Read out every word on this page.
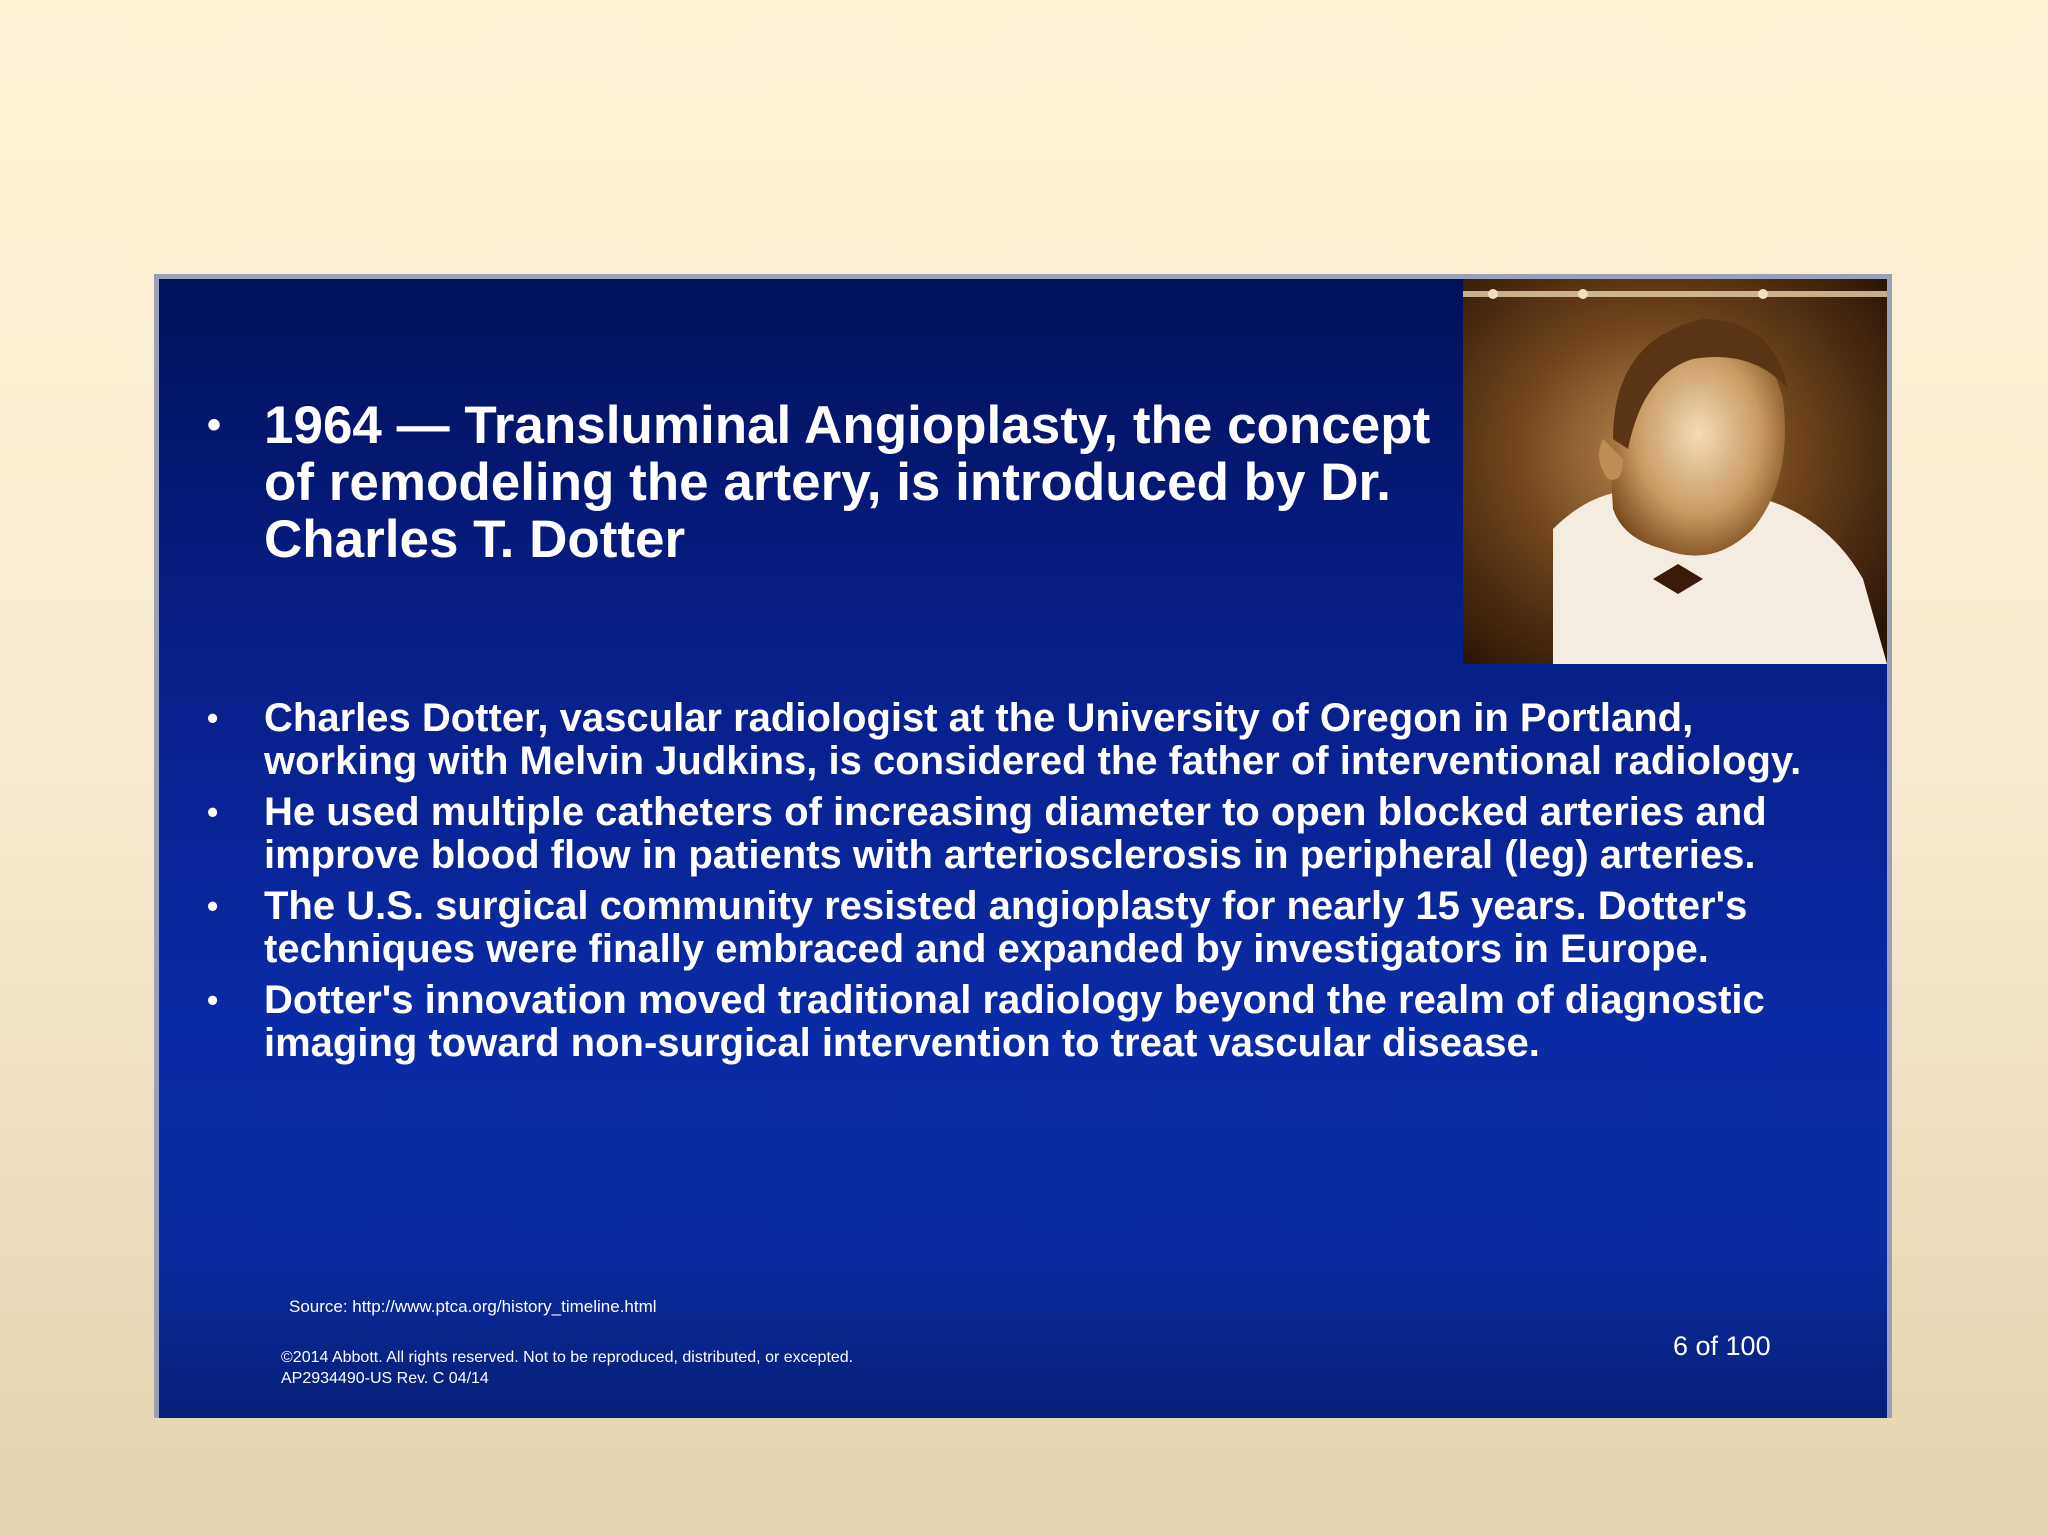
• 1964 — Transluminal Angioplasty, the concept of remodeling the artery, is introduced by Dr. Charles T. Dotter
• Charles Dotter, vascular radiologist at the University of Oregon in Portland, working with Melvin Judkins, is considered the father of interventional radiology.
• He used multiple catheters of increasing diameter to open blocked arteries and improve blood flow in patients with arteriosclerosis in peripheral (leg) arteries.
• The U.S. surgical community resisted angioplasty for nearly 15 years. Dotter's techniques were finally embraced and expanded by investigators in Europe.
• Dotter's innovation moved traditional radiology beyond the realm of diagnostic imaging toward non-surgical intervention to treat vascular disease.
Source: http://www.ptca.org/history_timeline.html
©2014 Abbott. All rights reserved. Not to be reproduced, distributed, or excepted.
AP2934490-US Rev. C 04/14
6 of 100
